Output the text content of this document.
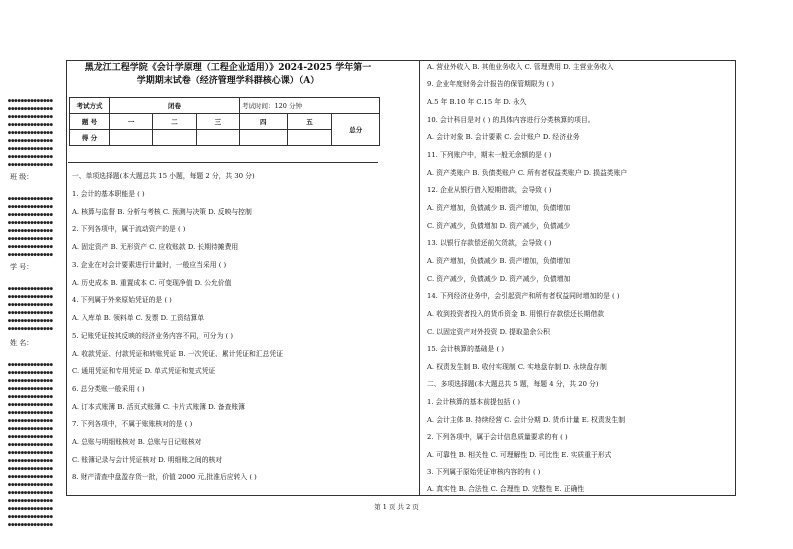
●●●●●●●●●●●●●●
●●●●●●●●●●●●●●
●●●●●●●●●●●●●●
●●●●●●●●●●●●●●
●●●●●●●●●●●●●●
●●●●●●●●●●●●●●
●●●●●●●●●●●●●●
●●●●●●●●●●●●●●
●●●●●●●●●●●●●●
班 级：
●●●●●●●●●●●●●●
●●●●●●●●●●●●●●
●●●●●●●●●●●●●●
●●●●●●●●●●●●●●
●●●●●●●●●●●●●●
●●●●●●●●●●●●●●
●●●●●●●●●●●●●●
●●●●●●●●●●●●●●
学 号：
●●●●●●●●●●●●●●
●●●●●●●●●●●●●●
●●●●●●●●●●●●●●
●●●●●●●●●●●●●●
●●●●●●●●●●●●●●
●●●●●●●●●●●●●●
姓 名：
●●●●●●●●●●●●●●
●●●●●●●●●●●●●●
●●●●●●●●●●●●●●
●●●●●●●●●●●●●●
●●●●●●●●●●●●●●
●●●●●●●●●●●●●●
●●●●●●●●●●●●●●
●●●●●●●●●●●●●●
●●●●●●●●●●●●●●
●●●●●●●●●●●●●●
●●●●●●●●●●●●●●
●●●●●●●●●●●●●●
●●●●●●●●●●●●●●
●●●●●●●●●●●●●●
●●●●●●●●●●●●●●
●●●●●●●●●●●●●●
●●●●●●●●●●●●●●
●●●●●●●●●●●●●●
●●●●●●●●●●●●●●
●●●●●●●●●●●●●●
●●●●●●●●●●●●●●
黑龙江工程学院《会计学原理（工程企业适用）》2024-2025 学年第一
学期期末试卷（经济管理学科群核心课）（A）
考试方式	闭卷			考试时间：120 分钟		
题 号	一	二	三	四	五	总分
得 分						
一、单项选择题(本大题总共 15 小题，每题 2 分，共 30 分)
1. 会计的基本职能是 ( )
A. 核算与监督 B. 分析与考核 C. 预测与决策 D. 反映与控制
2. 下列各项中，属于流动资产的是 ( )
A. 固定资产 B. 无形资产 C. 应收账款 D. 长期待摊费用
3. 企业在对会计要素进行计量时，一般应当采用 ( )
A. 历史成本 B. 重置成本 C. 可变现净值 D. 公允价值
4. 下列属于外来原始凭证的是 ( )
A. 入库单 B. 领料单 C. 发票 D. 工资结算单
5. 记账凭证按其反映的经济业务内容不同，可分为 ( )
A. 收款凭证、付款凭证和转账凭证 B. 一次凭证、累计凭证和汇总凭证
C. 通用凭证和专用凭证 D. 单式凭证和复式凭证
6. 总分类账一般采用 ( )
A. 订本式账簿 B. 活页式账簿 C. 卡片式账簿 D. 备查账簿
7. 下列各项中，不属于账账核对的是 ( )
A. 总账与明细账核对 B. 总账与日记账核对
C. 账簿记录与会计凭证核对 D. 明细账之间的核对
8. 财产清查中盘盈存货一批，价值 2000 元,批准后应转入 ( )
A. 营业外收入 B. 其他业务收入 C. 管理费用 D. 主营业务收入
9. 企业年度财务会计报告的保管期限为 ( )
A.5 年 B.10 年 C.15 年 D. 永久
10. 会计科目是对 ( ) 的具体内容进行分类核算的项目。
A. 会计对象 B. 会计要素 C. 会计账户 D. 经济业务
11. 下列账户中，期末一般无余额的是 ( )
A. 资产类账户 B. 负债类账户 C. 所有者权益类账户 D. 损益类账户
12. 企业从银行借入短期借款，会导致 ( )
A. 资产增加，负债减少 B. 资产增加，负债增加
C. 资产减少，负债增加 D. 资产减少，负债减少
13. 以银行存款偿还前欠货款，会导致 ( )
A. 资产增加，负债减少 B. 资产增加，负债增加
C. 资产减少，负债减少 D. 资产减少，负债增加
14. 下列经济业务中，会引起资产和所有者权益同时增加的是 ( )
A. 收到投资者投入的货币资金 B. 用银行存款偿还长期借款
C. 以固定资产对外投资 D. 提取盈余公积
15. 会计核算的基础是 ( )
A. 权责发生制 B. 收付实现制 C. 实地盘存制 D. 永续盘存制
二、多项选择题(本大题总共 5 题，每题 4 分，共 20 分)
1. 会计核算的基本前提包括 ( )
A. 会计主体 B. 持续经营 C. 会计分期 D. 货币计量 E. 权责发生制
2. 下列各项中，属于会计信息质量要求的有 ( )
A. 可靠性 B. 相关性 C. 可理解性 D. 可比性 E. 实质重于形式
3. 下列属于原始凭证审核内容的有 ( )
A. 真实性 B. 合法性 C. 合理性 D. 完整性 E. 正确性
第 1 页 共 2 页
